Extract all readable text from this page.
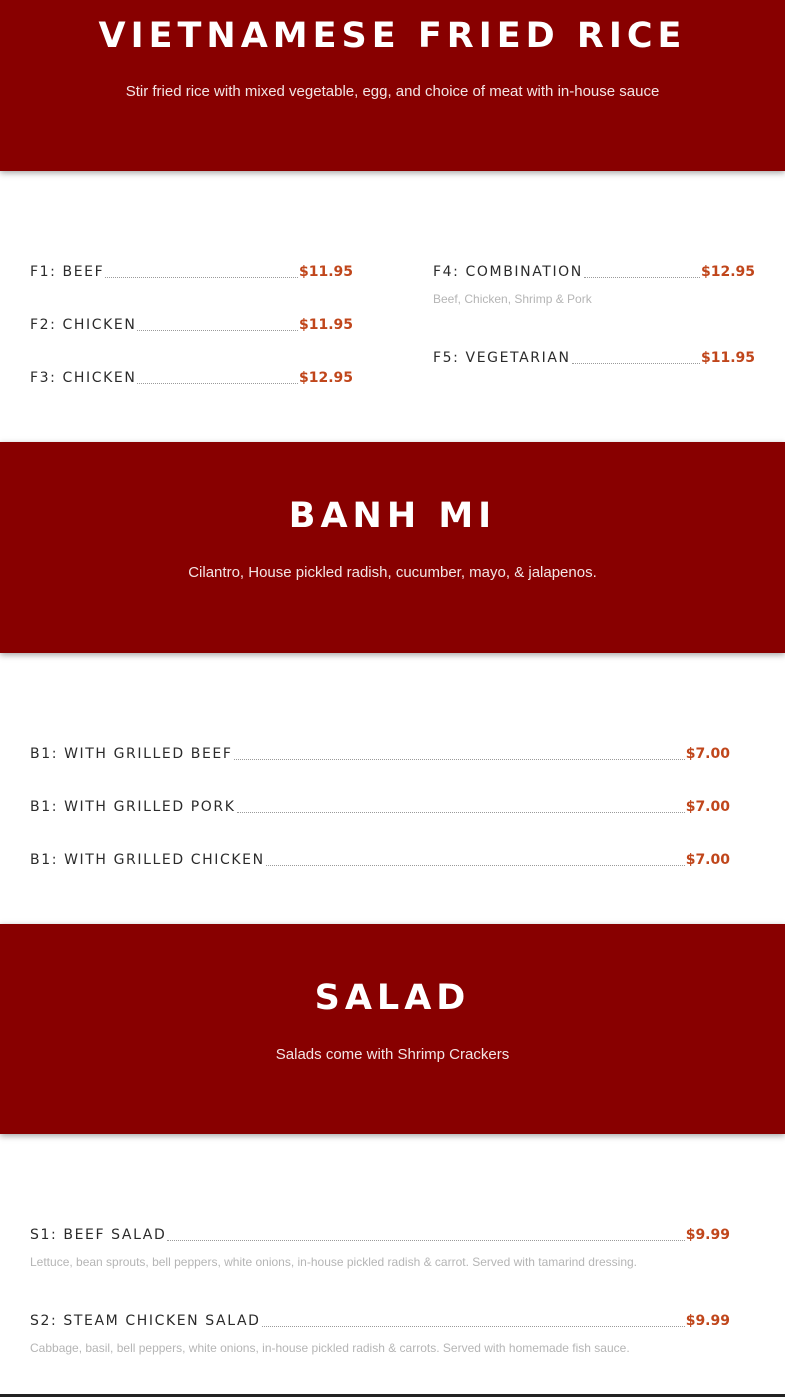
VIETNAMESE FRIED RICE

Stir fried rice with mixed vegetable, egg, and choice of meat with in-house sauce

F1: BEEF	$11.95
F2: CHICKEN	$11.95
F3: CHICKEN	$12.95
F4: COMBINATION	$12.95
Beef, Chicken, Shrimp & Pork
F5: VEGETARIAN	$11.95
BANH MI

Cilantro, House pickled radish, cucumber, mayo, & jalapenos.

B1: WITH GRILLED BEEF	$7.00
B1: WITH GRILLED PORK	$7.00
B1: WITH GRILLED CHICKEN	$7.00
SALAD

Salads come with Shrimp Crackers

S1: BEEF SALAD	$9.99
Lettuce, bean sprouts, bell peppers, white onions, in-house pickled radish & carrot. Served with tamarind dressing.
S2: STEAM CHICKEN SALAD	$9.99
Cabbage, basil, bell peppers, white onions, in-house pickled radish & carrots. Served with homemade fish sauce.
